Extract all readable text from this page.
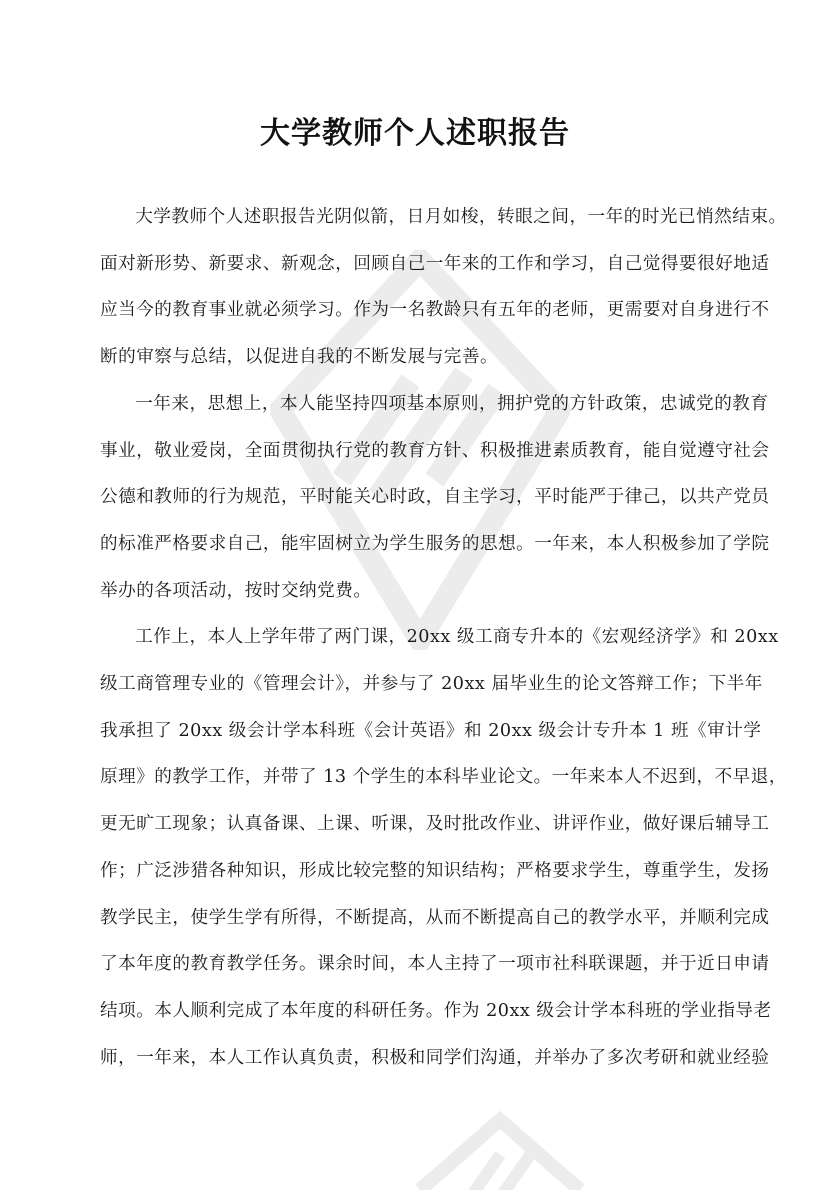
大学教师个人述职报告

大学教师个人述职报告光阴似箭，日月如梭，转眼之间，一年的时光已悄然结束。
面对新形势、新要求、新观念，回顾自己一年来的工作和学习，自己觉得要很好地适
应当今的教育事业就必须学习。作为一名教龄只有五年的老师，更需要对自身进行不
断的审察与总结，以促进自我的不断发展与完善。

一年来，思想上，本人能坚持四项基本原则，拥护党的方针政策，忠诚党的教育
事业，敬业爱岗，全面贯彻执行党的教育方针、积极推进素质教育，能自觉遵守社会
公德和教师的行为规范，平时能关心时政，自主学习，平时能严于律己，以共产党员
的标准严格要求自己，能牢固树立为学生服务的思想。一年来，本人积极参加了学院
举办的各项活动，按时交纳党费。

工作上，本人上学年带了两门课，20xx 级工商专升本的《宏观经济学》和 20xx
级工商管理专业的《管理会计》，并参与了 20xx 届毕业生的论文答辩工作；下半年
我承担了 20xx 级会计学本科班《会计英语》和 20xx 级会计专升本 1 班《审计学
原理》的教学工作，并带了 13 个学生的本科毕业论文。一年来本人不迟到，不早退，
更无旷工现象；认真备课、上课、听课，及时批改作业、讲评作业，做好课后辅导工
作；广泛涉猎各种知识，形成比较完整的知识结构；严格要求学生，尊重学生，发扬
教学民主，使学生学有所得，不断提高，从而不断提高自己的教学水平，并顺利完成
了本年度的教育教学任务。课余时间，本人主持了一项市社科联课题，并于近日申请
结项。本人顺利完成了本年度的科研任务。作为 20xx 级会计学本科班的学业指导老
师，一年来，本人工作认真负责，积极和同学们沟通，并举办了多次考研和就业经验
